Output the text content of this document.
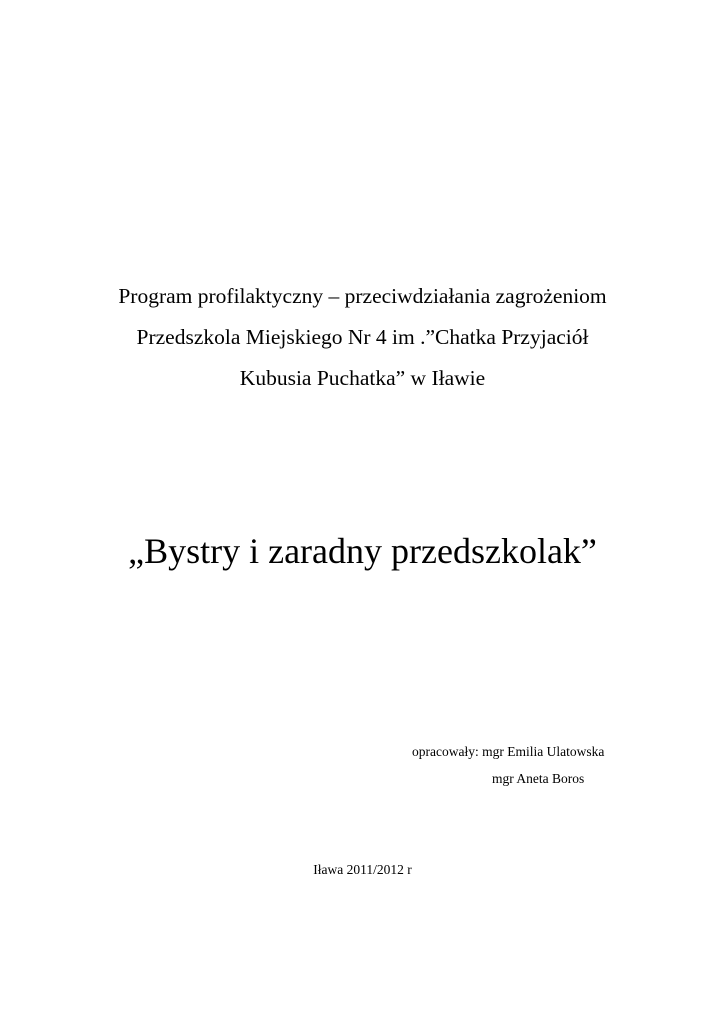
Program profilaktyczny – przeciwdziałania zagrożeniom
Przedszkola Miejskiego Nr 4 im .”Chatka Przyjaciół
Kubusia Puchatka” w Iławie
„Bystry i zaradny przedszkolak”
opracowały: mgr Emilia Ulatowska
mgr Aneta Boros
Iława 2011/2012 r
